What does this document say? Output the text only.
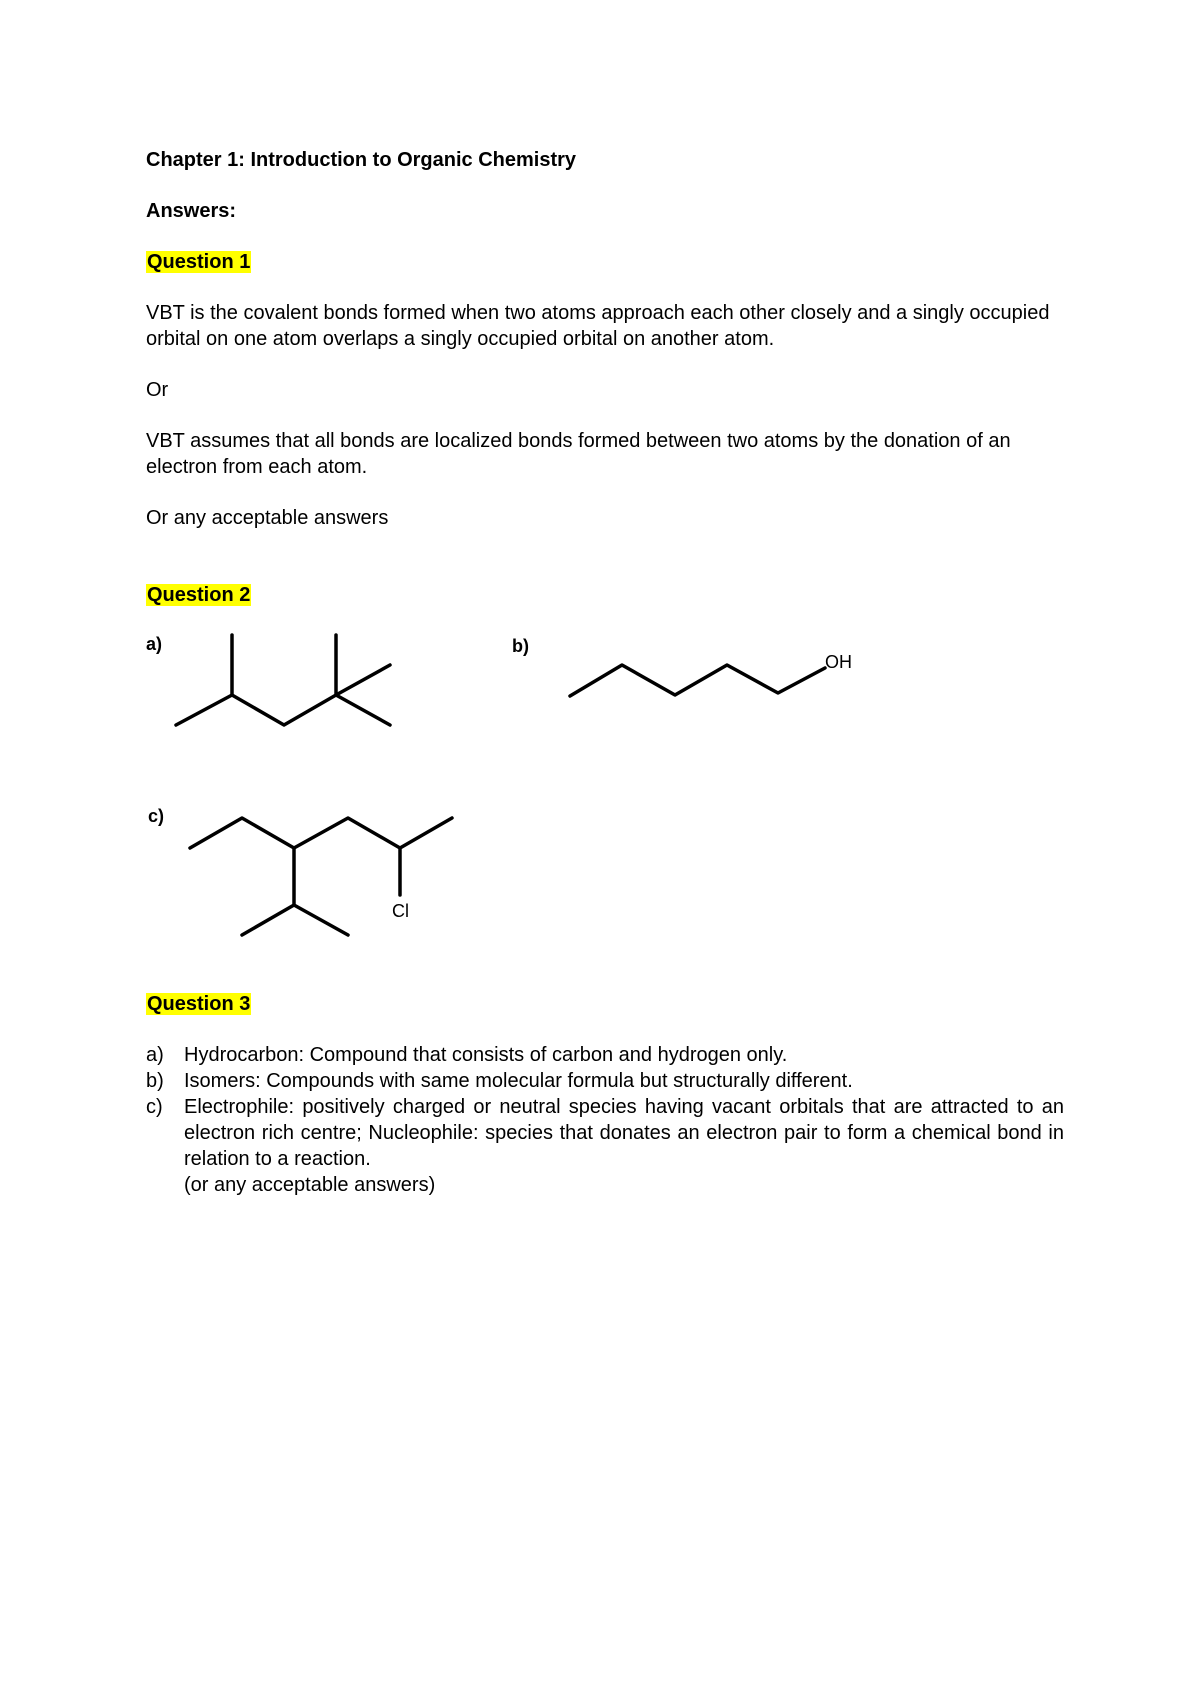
Chapter 1: Introduction to Organic Chemistry
Answers:
Question 1
VBT is the covalent bonds formed when two atoms approach each other closely and a singly occupied orbital on one atom overlaps a singly occupied orbital on another atom.
Or
VBT assumes that all bonds are localized bonds formed between two atoms by the donation of an electron from each atom.
Or any acceptable answers
Question 2
a)	b)
OH
c)
Cl
Question 3
a)	Hydrocarbon: Compound that consists of carbon and hydrogen only.
b)	Isomers: Compounds with same molecular formula but structurally different.
c)	Electrophile: positively charged or neutral species having vacant orbitals that are attracted to an electron rich centre; Nucleophile: species that donates an electron pair to form a chemical bond in relation to a reaction.
(or any acceptable answers)
